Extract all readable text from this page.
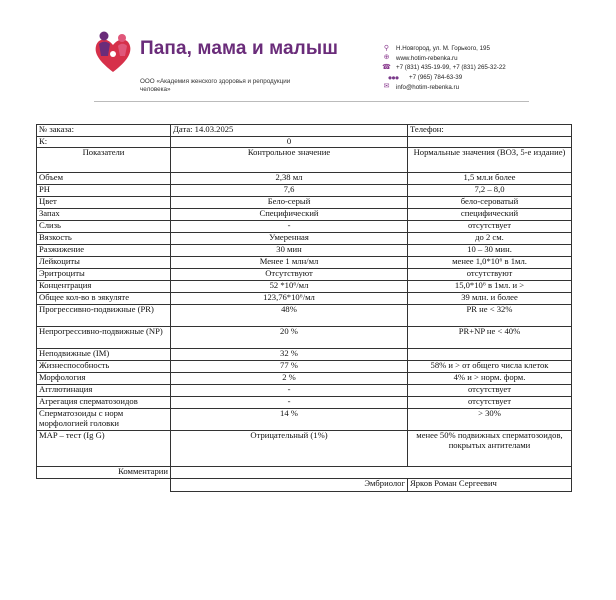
Папа, мама и малыш
ООО «Академия женского здоровья и репродукции человека»
⚲	Н.Новгород, ул. М. Горького, 195
⊕ www.hotim-rebenka.ru
☎ +7 (831) 435-19-99, +7 (831) 265-32-22
●●●	+7 (965) 784-63-39
✉ info@hotim-rebenka.ru
№ заказа:	Дата: 14.03.2025	Телефон:
К:	0	
Показатели	Контрольное значение	Нормальные значения (ВОЗ, 5-е издание)
Объем	2,38 мл	1,5 мл.и более
PH	7,6	7,2 – 8,0
Цвет	Бело-серый	бело-сероватый
Запах	Специфический	специфический
Слизь	-	отсутствует
Вязкость	Умеренная	до 2 см.
Разжижение	30 мин	10 – 30 мин.
Лейкоциты	Менее 1 млн/мл	менее 1,0*10⁶ в 1мл.
Эритроциты	Отсутствуют	отсутствуют
Концентрация	52 *10⁶/мл	15,0*10⁶ в 1мл. и >
Общее кол-во в эякуляте	123,76*10⁶/мл	39 млн. и более
Прогрессивно-подвижные (PR)	48%	PR не < 32%
Непрогрессивно-подвижные (NP)	20 %	PR+NP не < 40%
Неподвижные (IM)	32 %	
Жизнеспособность	77 %	58% и > от общего числа клеток
Морфология	2 %	4% и > норм. форм.
Агглютинация	-	отсутствует
Агрегация сперматозоидов	-	отсутствует
Сперматозоиды с норм морфологией головки	14 %	> 30%
MAP – тест (Ig G)	Отрицательный (1%)	менее 50% подвижных сперматозоидов, покрытых антителами
Комментарии		
	Эмбриолог	Ярков Роман Сергеевич
